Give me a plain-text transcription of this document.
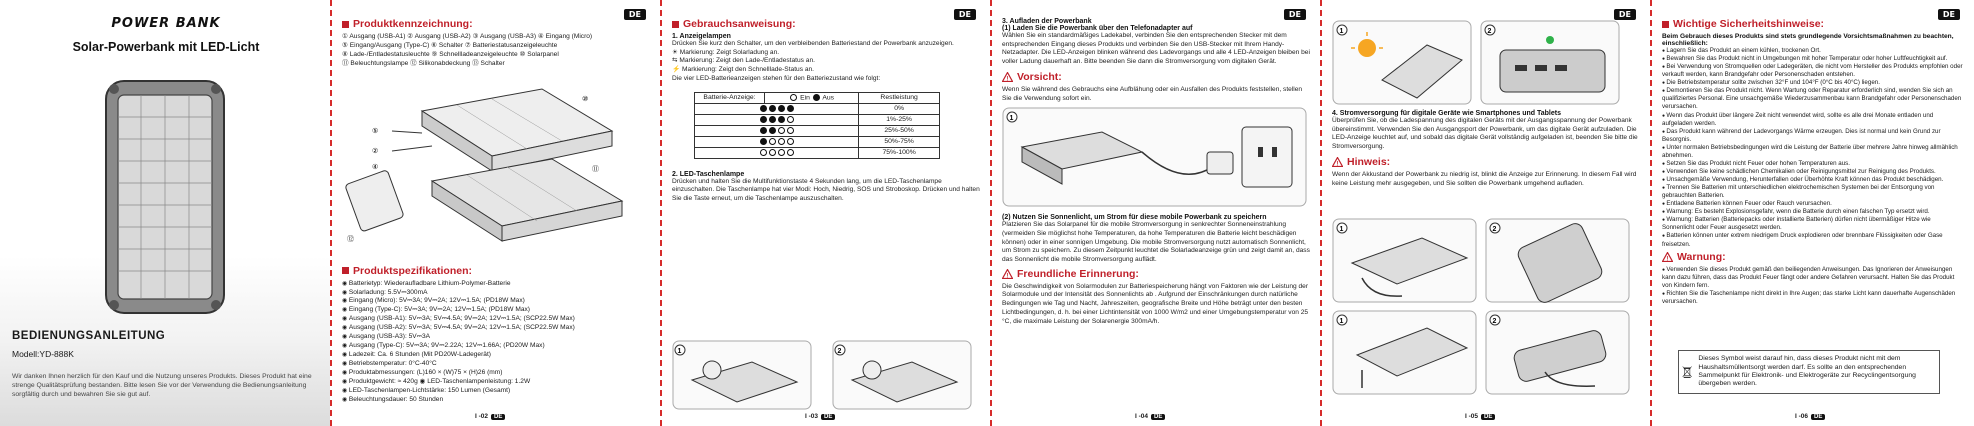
POWER BANK
Solar-Powerbank mit LED-Licht
BEDIENUNGSANLEITUNG
Modell:YD-888K
Wir danken Ihnen herzlich für den Kauf und die Nutzung unseres Produkts. Dieses Produkt hat eine strenge Qualitätsprüfung bestanden. Bitte lesen Sie vor der Verwendung die Bedienungsanleitung sorgfältig durch und bewahren Sie sie gut auf.
DE
Produktkennzeichnung:
① Ausgang (USB-A1) ② Ausgang (USB-A2) ③ Ausgang (USB-A3) ④ Eingang (Micro)
⑤ Eingang/Ausgang (Type-C) ⑥ Schalter ⑦ Batteriestatusanzeigeleuchte
⑧ Lade-/Entladestatusleuchte ⑨ Schnellladeanzeigeleuchte ⑩ Solarpanel
⑪ Beleuchtungslampe ⑫ Silikonabdeckung ⑬ Schalter
⑤
②
④
⑩
⑪
⑫
Produktspezifikationen:
◉ Batterietyp: Wiederaufladbare Lithium-Polymer-Batterie
◉ Solarladung: 5.5V⎓300mA
◉ Eingang (Micro): 5V⎓3A; 9V⎓2A; 12V⎓1.5A; (PD18W Max)
◉ Eingang (Type-C): 5V⎓3A; 9V⎓2A; 12V⎓1.5A; (PD18W Max)
◉ Ausgang (USB-A1): 5V⎓3A; 5V⎓4.5A; 9V⎓2A; 12V⎓1.5A; (SCP22.5W Max)
◉ Ausgang (USB-A2): 5V⎓3A; 5V⎓4.5A; 9V⎓2A; 12V⎓1.5A; (SCP22.5W Max)
◉ Ausgang (USB-A3): 5V⎓3A
◉ Ausgang (Type-C): 5V⎓3A; 9V⎓2.22A; 12V⎓1.66A; (PD20W Max)
◉ Ladezeit: Ca. 6 Stunden (Mit PD20W-Ladegerät)
◉ Betriebstemperatur: 0°C-40°C
◉ Produktabmessungen: (L)160 × (W)75 × (H)26 (mm)
◉ Produktgewicht: ≈ 420g ◉ LED-Taschenlampenleistung: 1.2W
◉ LED-Taschenlampen-Lichtstärke: 150 Lumen (Gesamt)
◉ Beleuchtungsdauer: 50 Stunden
I -02	DE
DE
Gebrauchsanweisung:
1. Anzeigelampen
Drücken Sie kurz den Schalter, um den verbleibenden Batteriestand der Powerbank anzuzeigen.
☀ Markierung: Zeigt Solarladung an.
⇆ Markierung: Zeigt den Lade-/Entladestatus an.
⚡ Markierung: Zeigt den Schnelllade-Status an.
Die vier LED-Batterieanzeigen stehen für den Batteriezustand wie folgt:
Batterie-Anzeige:	Ein Aus	Restleistung
		0%
		1%-25%
		25%-50%
		50%-75%
		75%-100%
2. LED-Taschenlampe
Drücken und halten Sie die Multifunktionstaste 4 Sekunden lang, um die LED-Taschenlampe einzuschalten. Die Taschenlampe hat vier Modi: Hoch, Niedrig, SOS und Stroboskop. Drücken und halten Sie die Taste erneut, um die Taschenlampe auszuschalten.
1	2
I -03	DE
DE
3. Aufladen der Powerbank
(1) Laden Sie die Powerbank über den Telefonadapter auf
Wählen Sie ein standardmäßiges Ladekabel, verbinden Sie den entsprechenden Stecker mit dem entsprechenden Eingang dieses Produkts und verbinden Sie den USB-Stecker mit Ihrem Handy-Netzadapter. Die LED-Anzeigen blinken während des Ladevorgangs und alle 4 LED-Anzeigen bleiben bei voller Ladung dauerhaft an. Bitte beenden Sie dann die Stromversorgung vom digitalen Gerät.
! Vorsicht:
Wenn Sie während des Gebrauchs eine Aufblähung oder ein Ausfallen des Produkts feststellen, stellen Sie die Verwendung sofort ein.
1
(2) Nutzen Sie Sonnenlicht, um Strom für diese mobile Powerbank zu speichern
Platzieren Sie das Solarpanel für die mobile Stromversorgung in senkrechter Sonneneinstrahlung (vermeiden Sie möglichst hohe Temperaturen, da hohe Temperaturen die Batterie leicht beschädigen können) oder in einer sonnigen Umgebung. Die mobile Stromversorgung nutzt automatisch Sonnenlicht, um Strom zu speichern. Zu diesem Zeitpunkt leuchtet die Solarladeanzeige grün und zeigt damit an, dass das Sonnenlicht die mobile Stromversorgung auflädt.
! Freundliche Erinnerung:
Die Geschwindigkeit von Solarmodulen zur Batteriespeicherung hängt von Faktoren wie der Leistung der Solarmodule und der Intensität des Sonnenlichts ab . Aufgrund der Einschränkungen durch natürliche Bedingungen wie Tag und Nacht, Jahreszeiten, geografische Breite und Höhe beträgt unter den besten Lichtbedingungen, d. h. bei einer Lichtintensität von 1000 W/m2 und einer Umgebungstemperatur von 25 °C, die maximale Leistung der Solarenergie 300mA/h.
I -04	DE
DE
1	2
4. Stromversorgung für digitale Geräte wie Smartphones und Tablets
Überprüfen Sie, ob die Ladespannung des digitalen Geräts mit der Ausgangsspannung der Powerbank übereinstimmt. Verwenden Sie den Ausgangsport der Powerbank, um das digitale Gerät aufzuladen. Die LED-Anzeige leuchtet auf, und sobald das digitale Gerät vollständig aufgeladen ist, beenden Sie bitte die Stromversorgung.
! Hinweis:
Wenn der Akkustand der Powerbank zu niedrig ist, blinkt die Anzeige zur Erinnerung. In diesem Fall wird keine Leistung mehr ausgegeben, und Sie sollten die Powerbank umgehend aufladen.
1	2
1	2
I -05	DE
DE
Wichtige Sicherheitshinweise:
Beim Gebrauch dieses Produkts sind stets grundlegende Vorsichtsmaßnahmen zu beachten, einschließlich:
● Lagern Sie das Produkt an einem kühlen, trockenen Ort.
● Bewahren Sie das Produkt nicht in Umgebungen mit hoher Temperatur oder hoher Luftfeuchtigkeit auf.
● Bei Verwendung von Stromquellen oder Ladegeräten, die nicht vom Hersteller des Produkts empfohlen oder verkauft werden, kann Brandgefahr oder Personenschaden entstehen.
● Die Betriebstemperatur sollte zwischen 32°F und 104°F (0°C bis 40°C) liegen.
● Demontieren Sie das Produkt nicht. Wenn Wartung oder Reparatur erforderlich sind, wenden Sie sich an qualifiziertes Personal. Eine unsachgemäße Wiederzusammenbau kann Brandgefahr oder Personenschaden verursachen.
● Wenn das Produkt über längere Zeit nicht verwendet wird, sollte es alle drei Monate entladen und aufgeladen werden.
● Das Produkt kann während der Ladevorgangs Wärme erzeugen. Dies ist normal und kein Grund zur Besorgnis.
● Unter normalen Betriebsbedingungen wird die Leistung der Batterie über mehrere Jahre hinweg allmählich abnehmen.
● Setzen Sie das Produkt nicht Feuer oder hohen Temperaturen aus.
● Verwenden Sie keine schädlichen Chemikalien oder Reinigungsmittel zur Reinigung des Produkts.
● Unsachgemäße Verwendung, Herunterfallen oder Überhöhte Kraft können das Produkt beschädigen.
● Trennen Sie Batterien mit unterschiedlichen elektrochemischen Systemen bei der Entsorgung von gebrauchten Batterien.
● Entladene Batterien können Feuer oder Rauch verursachen.
● Warnung: Es besteht Explosionsgefahr, wenn die Batterie durch einen falschen Typ ersetzt wird.
● Warnung: Batterien (Batteriepacks oder installierte Batterien) dürfen nicht übermäßiger Hitze wie Sonnenlicht oder Feuer ausgesetzt werden.
● Batterien können unter extrem niedrigem Druck explodieren oder brennbare Flüssigkeiten oder Gase freisetzen.
! Warnung:
● Verwenden Sie dieses Produkt gemäß den beiliegenden Anweisungen. Das Ignorieren der Anweisungen kann dazu führen, dass das Produkt Feuer fängt oder andere Gefahren verursacht. Halten Sie das Produkt von Kindern fern.
● Richten Sie die Taschenlampe nicht direkt in Ihre Augen; das starke Licht kann dauerhafte Augenschäden verursachen.
Dieses Symbol weist darauf hin, dass dieses Produkt nicht mit dem Haushaltsmüllentsorgt werden darf. Es sollte an den entsprechenden Sammelpunkt für Elektronik- und Elektrogeräte zur Recyclingentsorgung übergeben werden.
I -06	DE
